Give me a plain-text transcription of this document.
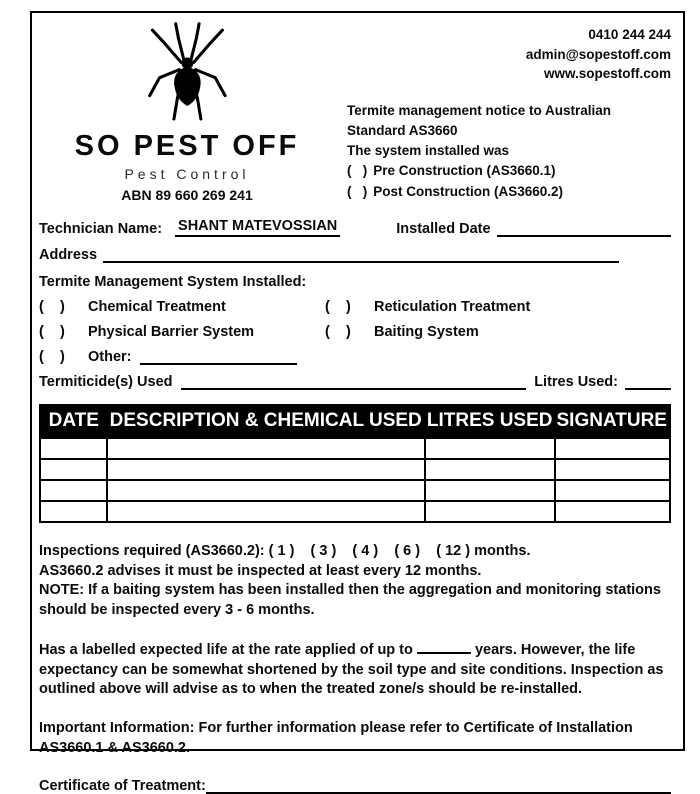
SO PEST OFF
Pest Control
ABN 89 660 269 241
0410 244 244
admin@sopestoff.com
www.sopestoff.com
Termite management notice to Australian Standard AS3660
The system installed was
(   ) Pre Construction (AS3660.1)
(   ) Post Construction (AS3660.2)
Technician Name: SHANT MATEVOSSIAN	Installed Date
Address
Termite Management System Installed:
(    )	Chemical Treatment	(    )	Reticulation Treatment
(    )	Physical Barrier System	(    )	Baiting System
(    )	Other:
Termiticide(s) Used	Litres Used:
DATE	DESCRIPTION & CHEMICAL USED	LITRES USED	SIGNATURE

Inspections required (AS3660.2): ( 1 )    ( 3 )    ( 4 )    ( 6 )    ( 12 ) months.
AS3660.2 advises it must be inspected at least every 12 months.
NOTE: If a baiting system has been installed then the aggregation and monitoring stations should be inspected every 3 - 6 months.
Has a labelled expected life at the rate applied of up to	years. However, the life expectancy can be somewhat shortened by the soil type and site conditions. Inspection as outlined above will advise as to when the treated zone/s should be re-installed.
Important Information: For further information please refer to Certificate of Installation AS3660.1 & AS3660.2.
Certificate of Treatment:
